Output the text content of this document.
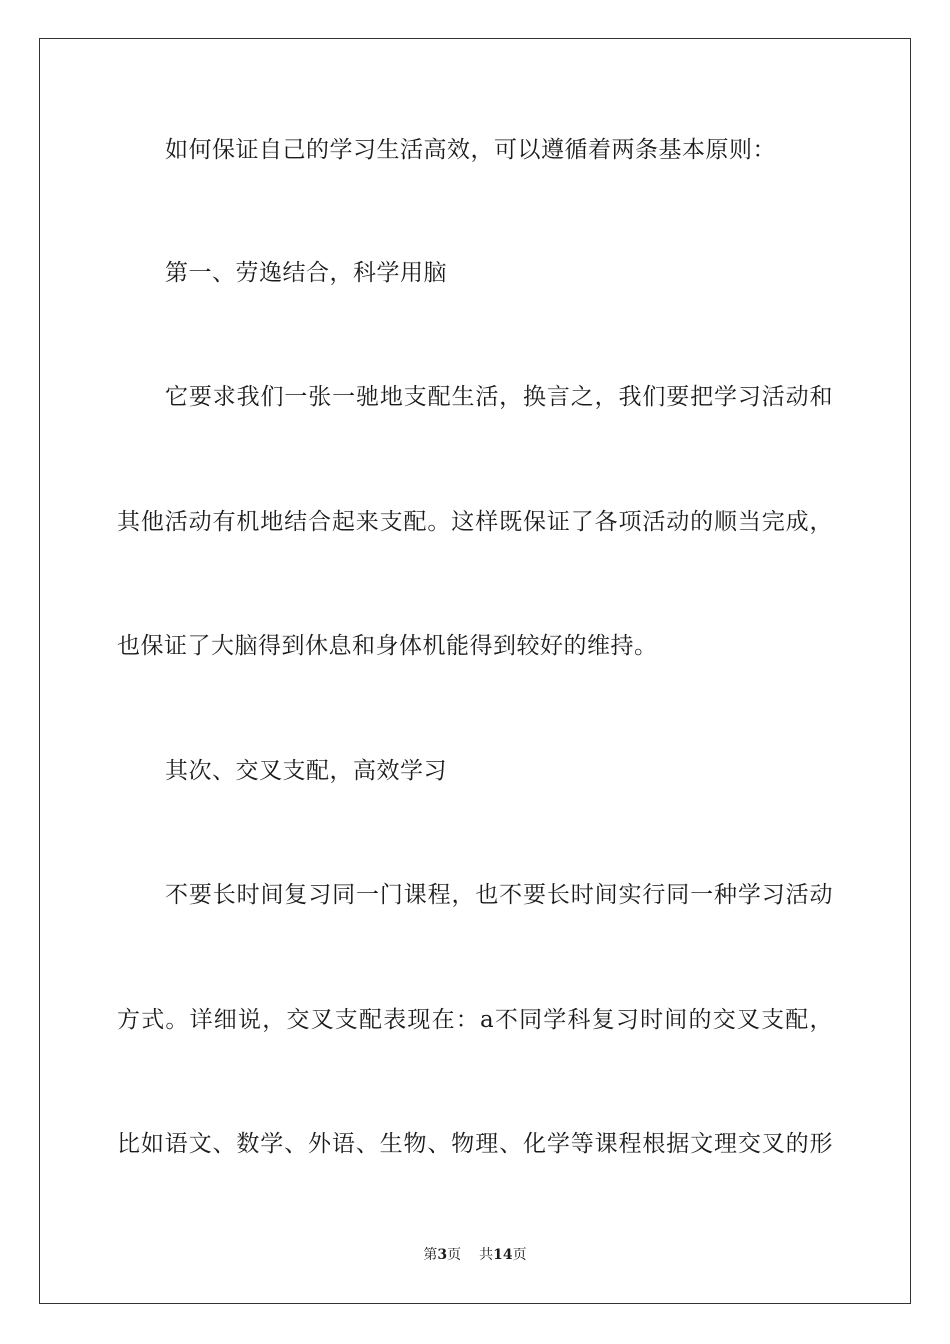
如何保证自己的学习生活高效，可以遵循着两条基本原则：
第一、劳逸结合，科学用脑
它要求我们一张一驰地支配生活，换言之，我们要把学习活动和
其他活动有机地结合起来支配。这样既保证了各项活动的顺当完成，
也保证了大脑得到休息和身体机能得到较好的维持。
其次、交叉支配，高效学习
不要长时间复习同一门课程，也不要长时间实行同一种学习活动
方式。详细说，交叉支配表现在：a不同学科复习时间的交叉支配，
比如语文、数学、外语、生物、物理、化学等课程根据文理交叉的形
第3页 共14页
